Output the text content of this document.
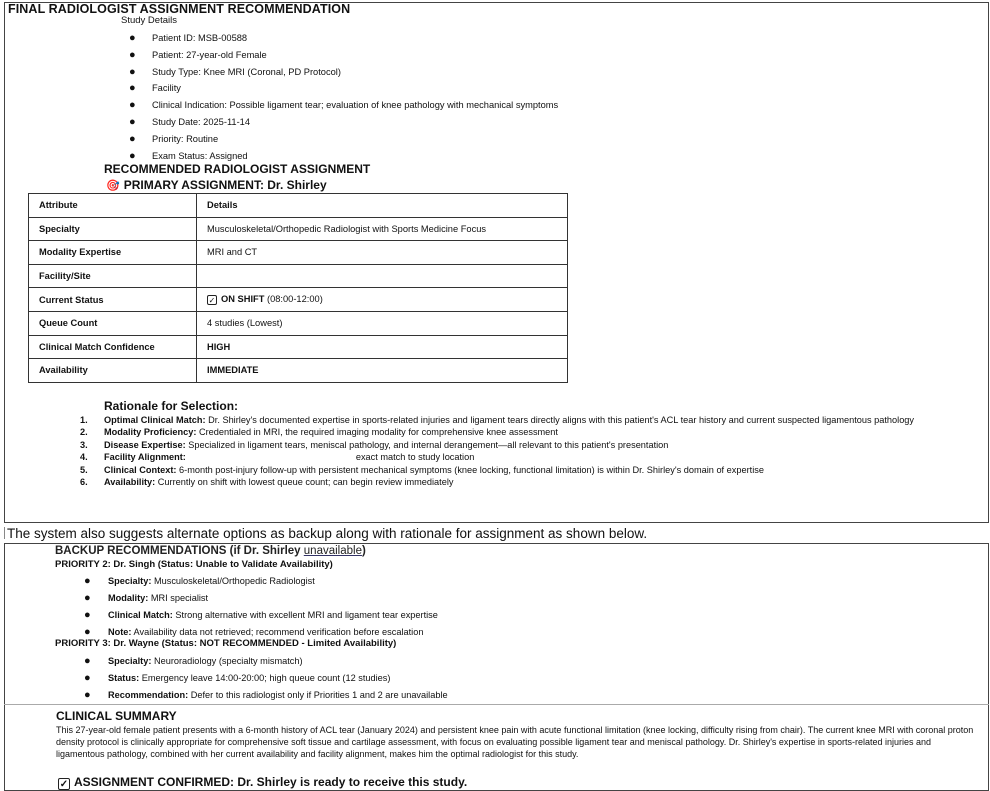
FINAL RADIOLOGIST ASSIGNMENT RECOMMENDATION
Study Details
● Patient ID: MSB-00588
● Patient: 27-year-old Female
● Study Type: Knee MRI (Coronal, PD Protocol)
● Facility
● Clinical Indication: Possible ligament tear; evaluation of knee pathology with mechanical symptoms
● Study Date: 2025-11-14
● Priority: Routine
● Exam Status: Assigned
RECOMMENDED RADIOLOGIST ASSIGNMENT
🎯 PRIMARY ASSIGNMENT: Dr. Shirley
Attribute	Details
Specialty	Musculoskeletal/Orthopedic Radiologist with Sports Medicine Focus
Modality Expertise	MRI and CT
Facility/Site	
Current Status	✓ ON SHIFT (08:00-12:00)
Queue Count	4 studies (Lowest)
Clinical Match Confidence	HIGH
Availability	IMMEDIATE
Rationale for Selection:
1. Optimal Clinical Match: Dr. Shirley's documented expertise in sports-related injuries and ligament tears directly aligns with this patient's ACL tear history and current suspected ligamentous pathology
2. Modality Proficiency: Credentialed in MRI, the required imaging modality for comprehensive knee assessment
3. Disease Expertise: Specialized in ligament tears, meniscal pathology, and internal derangement—all relevant to this patient's presentation
4. Facility Alignment:	exact match to study location
5. Clinical Context: 6-month post-injury follow-up with persistent mechanical symptoms (knee locking, functional limitation) is within Dr. Shirley's domain of expertise
6. Availability: Currently on shift with lowest queue count; can begin review immediately
The system also suggests alternate options as backup along with rationale for assignment as shown below.
BACKUP RECOMMENDATIONS (if Dr. Shirley unavailable)
PRIORITY 2: Dr. Singh (Status: Unable to Validate Availability)
● Specialty: Musculoskeletal/Orthopedic Radiologist
● Modality: MRI specialist
● Clinical Match: Strong alternative with excellent MRI and ligament tear expertise
● Note: Availability data not retrieved; recommend verification before escalation
PRIORITY 3: Dr. Wayne (Status: NOT RECOMMENDED - Limited Availability)
● Specialty: Neuroradiology (specialty mismatch)
● Status: Emergency leave 14:00-20:00; high queue count (12 studies)
● Recommendation: Defer to this radiologist only if Priorities 1 and 2 are unavailable
CLINICAL SUMMARY
This 27-year-old female patient presents with a 6-month history of ACL tear (January 2024) and persistent knee pain with acute functional limitation (knee locking, difficulty rising from chair). The current knee MRI with coronal proton density protocol is clinically appropriate for comprehensive soft tissue and cartilage assessment, with focus on evaluating possible ligament tear and meniscal pathology. Dr. Shirley's expertise in sports-related injuries and ligamentous pathology, combined with her current availability and facility alignment, makes him the optimal radiologist for this study.
✓ ASSIGNMENT CONFIRMED: Dr. Shirley is ready to receive this study.
